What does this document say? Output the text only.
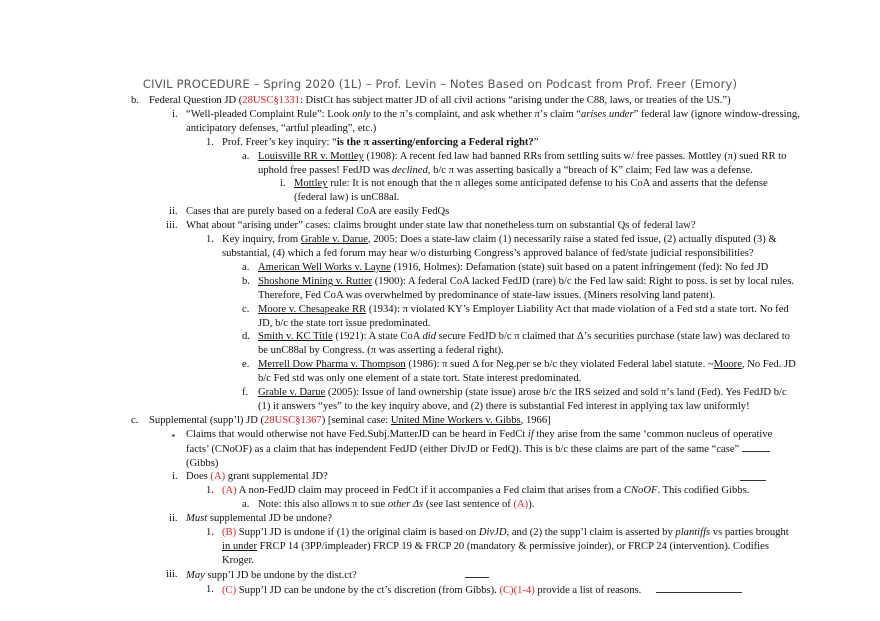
CIVIL PROCEDURE – Spring 2020 (1L) – Prof. Levin – Notes Based on Podcast from Prof. Freer (Emory)
b. Federal Question JD (28USC§1331: DistCt has subject matter JD of all civil actions “arising under the C88, laws, or treaties of the US.”)
i. “Well-pleaded Complaint Rule”: Look only to the π’s complaint, and ask whether π’s claim “arises under” federal law (ignore window-dressing, anticipatory defenses, “artful pleading”, etc.)
1. Prof. Freer’s key inquiry: “is the π asserting/enforcing a Federal right?”
a. Louisville RR v. Mottley (1908): A recent fed law had banned RRs from settling suits w/ free passes. Mottley (π) sued RR to uphold free passes! FedJD was declined, b/c π was asserting basically a “breach of K” claim; Fed law was a defense.
i. Mottley rule: It is not enough that the π alleges some anticipated defense to his CoA and asserts that the defense (federal law) is unC88al.
ii. Cases that are purely based on a federal CoA are easily FedQs
iii. What about “arising under” cases: claims brought under state law that nonetheless turn on substantial Qs of federal law?
1. Key inquiry, from Grable v. Darue, 2005: Does a state-law claim (1) necessarily raise a stated fed issue, (2) actually disputed (3) & substantial, (4) which a fed forum may hear w/o disturbing Congress’s approved balance of fed/state judicial responsibilities?
a. American Well Works v. Layne (1916, Holmes): Defamation (state) suit based on a patent infringement (fed): No fed JD
b. Shoshone Mining v. Rutter (1900): A federal CoA lacked FedJD (rare) b/c the Fed law said: Right to poss. is set by local rules. Therefore, Fed CoA was overwhelmed by predominance of state-law issues. (Miners resolving land patent).
c. Moore v. Chesapeake RR (1934): π violated KY’s Employer Liability Act that made violation of a Fed std a state tort. No fed JD, b/c the state tort issue predominated.
d. Smith v. KC Title (1921): A state CoA did secure FedJD b/c π claimed that Δ’s securities purchase (state law) was declared to be unC88al by Congress. (π was asserting a federal right).
e. Merrell Dow Pharma v. Thompson (1986): π sued Δ for Neg.per se b/c they violated Federal label statute. ~Moore, No Fed. JD b/c Fed std was only one element of a state tort. State interest predominated.
f. Grable v. Darue (2005): Issue of land ownership (state issue) arose b/c the IRS seized and sold π’s land (Fed). Yes FedJD b/c (1) it answers “yes” to the key inquiry above, and (2) there is substantial Fed interest in applying tax law uniformly!
c. Supplemental (supp’l) JD (28USC§1367) [seminal case: United Mine Workers v. Gibbs, 1966]
▪ Claims that would otherwise not have Fed.Subj.MatterJD can be heard in FedCt if they arise from the same ‘common nucleus of operative facts’ (CNoOF) as a claim that has independent FedJD (either DivJD or FedQ). This is b/c these claims are part of the same “case”
(Gibbs)
i. Does (A) grant supplemental JD?
1. (A) A non-FedJD claim may proceed in FedCt if it accompanies a Fed claim that arises from a CNoOF. This codified Gibbs.
a. Note: this also allows π to sue other Δs (see last sentence of (A)).
ii. Must supplemental JD be undone?
1. (B) Supp’l JD is undone if (1) the original claim is based on DivJD, and (2) the supp’l claim is asserted by plantiffs vs parties brought in under FRCP 14 (3PP/impleader) FRCP 19 & FRCP 20 (mandatory & permissive joinder), or FRCP 24 (intervention). Codifies Kroger.
iii. May supp’l JD be undone by the dist.ct?
1. (C) Supp’l JD can be undone by the ct’s discretion (from Gibbs). (C)(1-4) provide a list of reasons.
